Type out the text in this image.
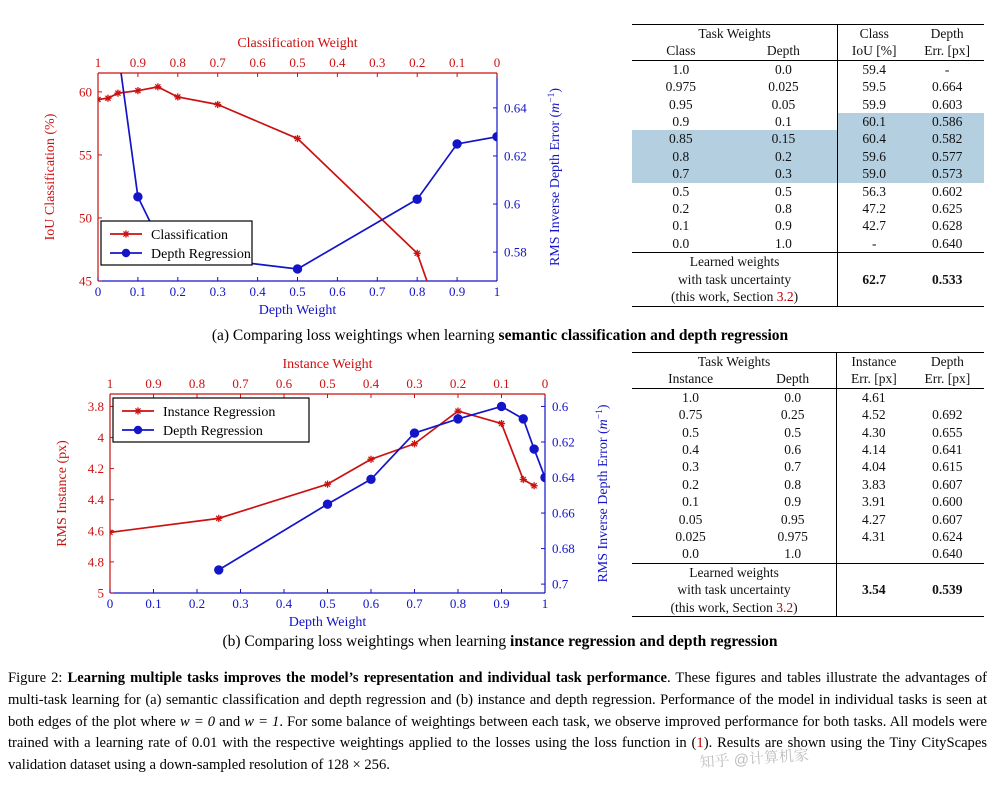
1 0.9 0.8 0.7 0.6 0.5 0.4 0.3 0.2 0.1 0
0 0.1 0.2 0.3 0.4 0.5 0.6 0.7 0.8 0.9 1
45
50
55
60
0.58
0.6
0.62
0.64
Classification Weight
Depth Weight
IoU Classification (%)	RMS Inverse Depth Error $(m^{-1})$
Classification
Depth Regression
Task Weights		Class	Depth
Class	Depth	IoU [%]	Err. [px]
1.0	0.0	59.4	-
0.975	0.025	59.5	0.664
0.95	0.05	59.9	0.603
0.9	0.1	60.1	0.586
0.85	0.15	60.4	0.582
0.8	0.2	59.6	0.577
0.7	0.3	59.0	0.573
0.5	0.5	56.3	0.602
0.2	0.8	47.2	0.625
0.1	0.9	42.7	0.628
0.0	1.0	-	0.640
Learned weights		62.7	0.533
with task uncertainty			
(this work, Section 3.2)			

(a) Comparing loss weightings when learning semantic classification and depth regression
1 0.9 0.8 0.7 0.6 0.5 0.4 0.3 0.2 0.1 0
0 0.1 0.2 0.3 0.4 0.5 0.6 0.7 0.8 0.9 1
3.8
4
4.2
4.4
4.6
4.8
5
0.6
0.62
0.64
0.66
0.68
0.7
Instance Weight
Depth Weight
RMS Instance (px)	RMS Inverse Depth Error $(m^{-1})$
Instance Regression
Depth Regression
Task Weights		Instance	Depth
Instance	Depth	Err. [px]	Err. [px]
1.0	0.0	4.61	
0.75	0.25	4.52	0.692
0.5	0.5	4.30	0.655
0.4	0.6	4.14	0.641
0.3	0.7	4.04	0.615
0.2	0.8	3.83	0.607
0.1	0.9	3.91	0.600
0.05	0.95	4.27	0.607
0.025	0.975	4.31	0.624
0.0	1.0		0.640
Learned weights		3.54	0.539
with task uncertainty			
(this work, Section 3.2)			

(b) Comparing loss weightings when learning instance regression and depth regression
Figure 2: Learning multiple tasks improves the model’s representation and individual task performance. These figures and tables illustrate the advantages of multi-task learning for (a) semantic classification and depth regression and (b) instance and depth regression. Performance of the model in individual tasks is seen at both edges of the plot where w = 0 and w = 1. For some balance of weightings between each task, we observe improved performance for both tasks. All models were trained with a learning rate of 0.01 with the respective weightings applied to the losses using the loss function in (1). Results are shown using the Tiny CityScapes validation dataset using a down-sampled resolution of 128 × 256.	知乎 @计算机家
